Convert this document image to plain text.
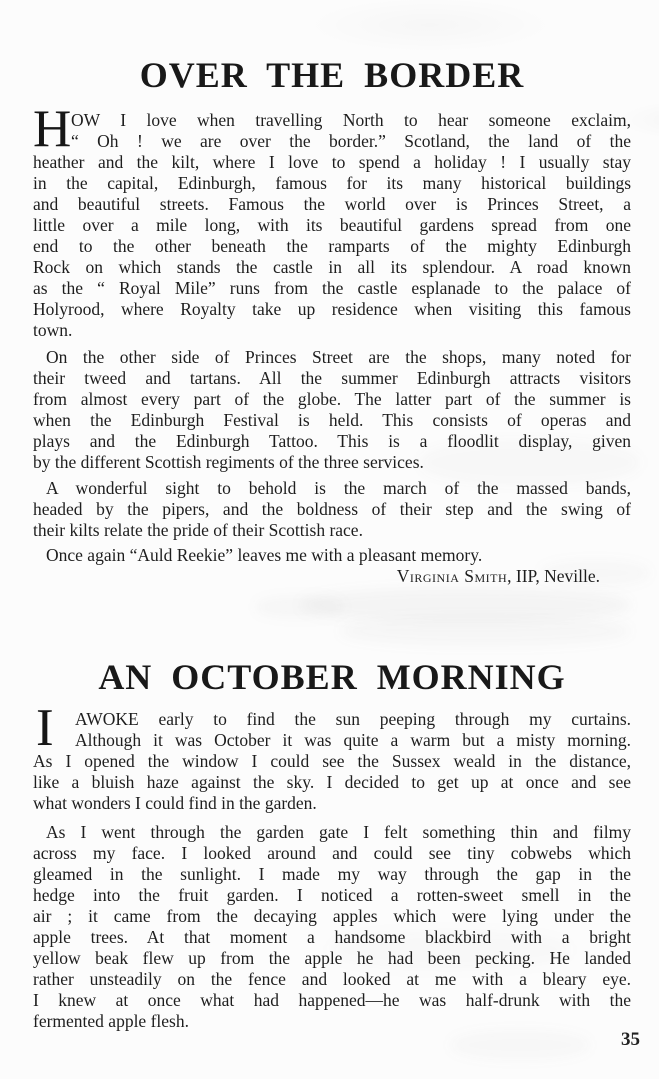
OVER THE BORDER
H OW I love when travelling North to hear someone exclaim,
“ Oh ! we are over the border.” Scotland, the land of the
heather and the kilt, where I love to spend a holiday ! I usually stay
in the capital, Edinburgh, famous for its many historical buildings
and beautiful streets. Famous the world over is Princes Street, a
little over a mile long, with its beautiful gardens spread from one
end to the other beneath the ramparts of the mighty Edinburgh
Rock on which stands the castle in all its splendour. A road known
as the “ Royal Mile” runs from the castle esplanade to the palace of
Holyrood, where Royalty take up residence when visiting this famous
town.
On the other side of Princes Street are the shops, many noted for
their tweed and tartans. All the summer Edinburgh attracts visitors
from almost every part of the globe. The latter part of the summer is
when the Edinburgh Festival is held. This consists of operas and
plays and the Edinburgh Tattoo. This is a floodlit display, given
by the different Scottish regiments of the three services.
A wonderful sight to behold is the march of the massed bands,
headed by the pipers, and the boldness of their step and the swing of
their kilts relate the pride of their Scottish race.
Once again “Auld Reekie” leaves me with a pleasant memory.
Virginia Smith, IIP, Neville.
AN OCTOBER MORNING
I	AWOKE early to find the sun peeping through my curtains.
Although it was October it was quite a warm but a misty morning.
As I opened the window I could see the Sussex weald in the distance,
like a bluish haze against the sky. I decided to get up at once and see
what wonders I could find in the garden.
As I went through the garden gate I felt something thin and filmy
across my face. I looked around and could see tiny cobwebs which
gleamed in the sunlight. I made my way through the gap in the
hedge into the fruit garden. I noticed a rotten-sweet smell in the
air ; it came from the decaying apples which were lying under the
apple trees. At that moment a handsome blackbird with a bright
yellow beak flew up from the apple he had been pecking. He landed
rather unsteadily on the fence and looked at me with a bleary eye.
I knew at once what had happened—he was half-drunk with the
fermented apple flesh.
35
